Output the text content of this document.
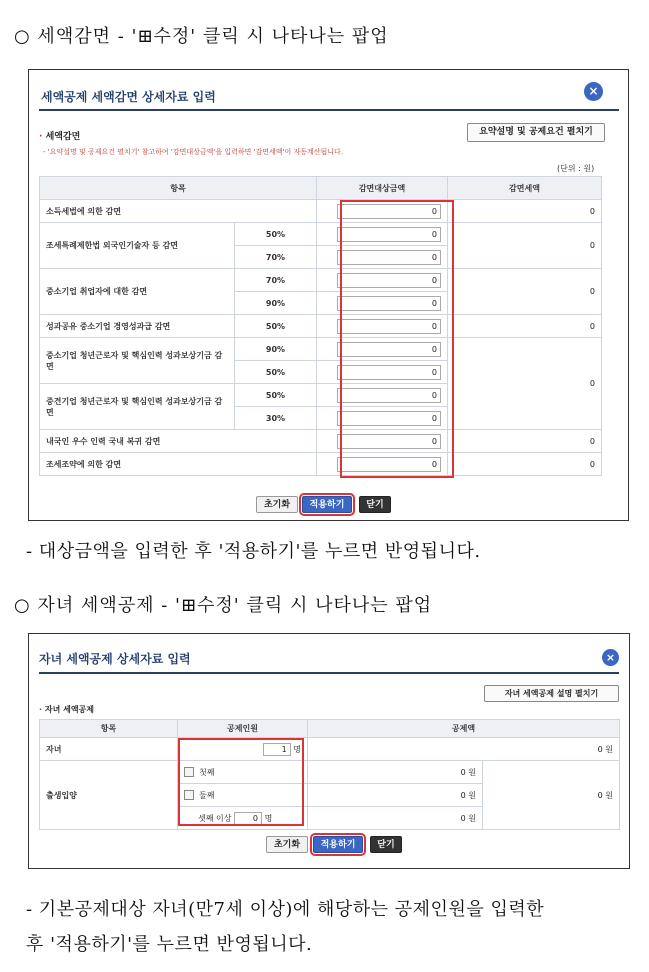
○ 세액감면 - '⊞수정' 클릭 시 나타나는 팝업
세액공제 세액감면 상세자료 입력	×
· 세액감면	요약설명 및 공제요건 펼치기
- '요약설명 및 공제요건 펼치기' 참고하여 '감면대상금액'을 입력하면 '감면세액'이 자동계산됩니다.
(단위 : 원)
항목		감면대상금액	감면세액
소득세법에 의한 감면		0	0
조세특례제한법 외국인기술자 등 감면	50%	0	0
	70%	0	

중소기업 취업자에 대한 감면	70%	0	0
	90%	0	

성과공유 중소기업 경영성과급 감면	50%	0	0
중소기업 청년근로자 및 핵심인력 성과보상기금 감면	90%	0	0
	50%	0	

중견기업 청년근로자 및 핵심인력 성과보상기금 감면	50%	0	

	30%	0	

내국인 우수 인력 국내 복귀 감면		0	0
조세조약에 의한 감면		0	0
초기화	적용하기	닫기
- 대상금액을 입력한 후 '적용하기'를 누르면 반영됩니다.
○ 자녀 세액공제 - '⊞수정' 클릭 시 나타나는 팝업
자녀 세액공제 상세자료 입력	×
자녀 세액공제 설명 펼치기
· 자녀 세액공제
항목	공제인원	공제액	
자녀	1 명	0 원	
출생입양	첫째	0 원	0 원
	둘째	0 원	
	셋째 이상 0 명	0 원	
초기화	적용하기	닫기
- 기본공제대상 자녀(만7세 이상)에 해당하는 공제인원을 입력한
후 '적용하기'를 누르면 반영됩니다.
